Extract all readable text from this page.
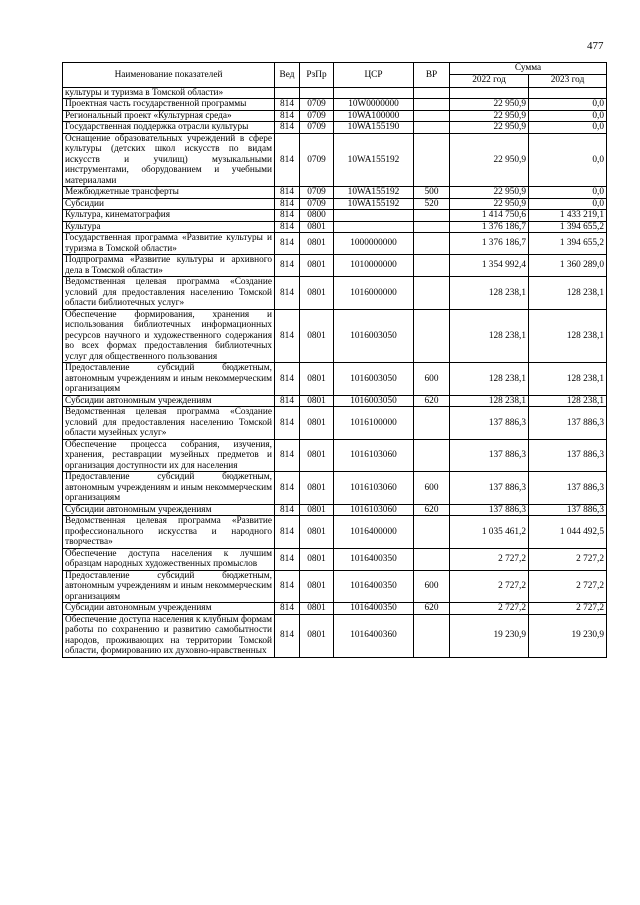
477
Наименование показателей	Вед	РзПр	ЦСР	ВР	Сумма	
					2022 год	2023 год
культуры и туризма в Томской области»						
Проектная часть государственной программы	814	0709	10W0000000		22 950,9	0,0
Региональный проект «Культурная среда»	814	0709	10WA100000		22 950,9	0,0
Государственная поддержка отрасли культуры	814	0709	10WA155190		22 950,9	0,0
Оснащение образовательных учреждений в сфере культуры (детских школ искусств по видам искусств и училищ) музыкальными инструментами, оборудованием и учебными материалами	814	0709	10WA155192		22 950,9	0,0
Межбюджетные трансферты	814	0709	10WA155192	500	22 950,9	0,0
Субсидии	814	0709	10WA155192	520	22 950,9	0,0
Культура, кинематография	814	0800			1 414 750,6	1 433 219,1
Культура	814	0801			1 376 186,7	1 394 655,2
Государственная программа «Развитие культуры и туризма в Томской области»	814	0801	1000000000		1 376 186,7	1 394 655,2
Подпрограмма «Развитие культуры и архивного дела в Томской области»	814	0801	1010000000		1 354 992,4	1 360 289,0
Ведомственная целевая программа «Создание условий для предоставления населению Томской области библиотечных услуг»	814	0801	1016000000		128 238,1	128 238,1
Обеспечение формирования, хранения и использования библиотечных информационных ресурсов научного и художественного содержания во всех формах предоставления библиотечных услуг для общественного пользования	814	0801	1016003050		128 238,1	128 238,1
Предоставление субсидий бюджетным, автономным учреждениям и иным некоммерческим организациям	814	0801	1016003050	600	128 238,1	128 238,1
Субсидии автономным учреждениям	814	0801	1016003050	620	128 238,1	128 238,1
Ведомственная целевая программа «Создание условий для предоставления населению Томской области музейных услуг»	814	0801	1016100000		137 886,3	137 886,3
Обеспечение процесса собрания, изучения, хранения, реставрации музейных предметов и организация доступности их для населения	814	0801	1016103060		137 886,3	137 886,3
Предоставление субсидий бюджетным, автономным учреждениям и иным некоммерческим организациям	814	0801	1016103060	600	137 886,3	137 886,3
Субсидии автономным учреждениям	814	0801	1016103060	620	137 886,3	137 886,3
Ведомственная целевая программа «Развитие профессионального искусства и народного творчества»	814	0801	1016400000		1 035 461,2	1 044 492,5
Обеспечение доступа населения к лучшим образцам народных художественных промыслов	814	0801	1016400350		2 727,2	2 727,2
Предоставление субсидий бюджетным, автономным учреждениям и иным некоммерческим организациям	814	0801	1016400350	600	2 727,2	2 727,2
Субсидии автономным учреждениям	814	0801	1016400350	620	2 727,2	2 727,2
Обеспечение доступа населения к клубным формам работы по сохранению и развитию самобытности народов, проживающих на территории Томской области, формированию их духовно-нравственных	814	0801	1016400360		19 230,9	19 230,9
